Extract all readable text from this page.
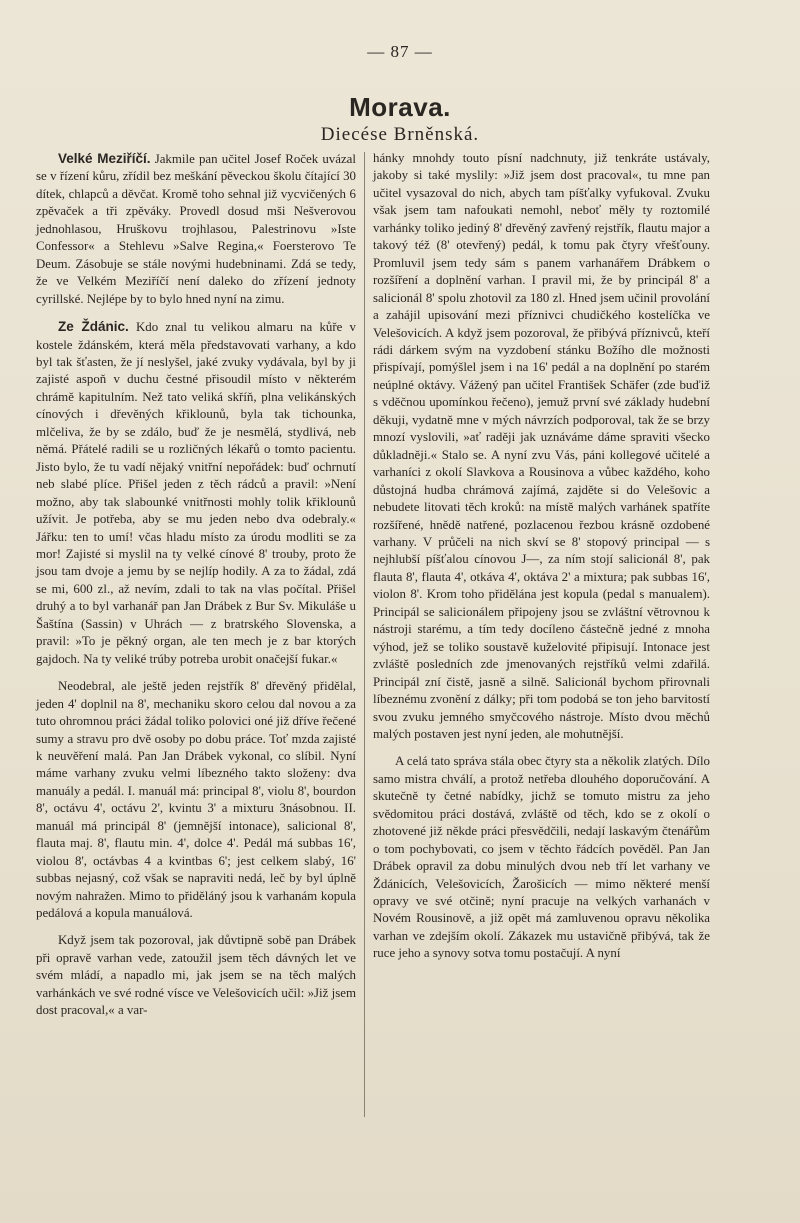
— 87 —
Morava.
Diecése Brněnská.

Velké Meziříčí. Jakmile pan učitel Josef Roček uvázal se v řízení kůru, zřídil bez meškání pěveckou školu čítající 30 dítek, chlapců a děvčat. Kromě toho sehnal již vycvičených 6 zpěvaček a tři zpěváky. Provedl dosud mši Nešverovou jednohlasou, Hruškovu trojhlasou, Palestrinovu »Iste Confessor« a Stehlevu »Salve Regina,« Foersterovo Te Deum. Zásobuje se stále novými hudebninami. Zdá se tedy, že ve Velkém Meziříčí není daleko do zřízení jednoty cyrillské. Nejlépe by to bylo hned nyní na zimu.

Ze Ždánic. Kdo znal tu velikou almaru na kůře v kostele ždánském, která měla představovati varhany, a kdo byl tak šťasten, že jí neslyšel, jaké zvuky vydávala, byl by ji zajisté aspoň v duchu čestné přisoudil místo v některém chrámě kapitulním. Než tato veliká skříň, plna velikánských cínových i dřevěných křiklounů, byla tak tichounka, mlčeliva, že by se zdálo, buď že je nesmělá, stydlivá, neb němá. Přátelé radili se u rozličných lékařů o tomto pacientu. Jisto bylo, že tu vadí nějaký vnitřní nepořádek: buď ochrnutí neb slabé plíce. Přišel jeden z těch rádců a pravil: »Není možno, aby tak slabounké vnitřnosti mohly tolik křiklounů užívit. Je potřeba, aby se mu jeden nebo dva odebraly.« Jářku: ten to umí! včas hladu místo za úrodu modliti se za mor! Zajisté si myslil na ty velké cínové 8' trouby, proto že jsou tam dvoje a jemu by se nejlíp hodily. A za to žádal, zdá se mi, 600 zl., až nevím, zdali to tak na vlas počítal. Přišel druhý a to byl varhanář pan Jan Drábek z Bur Sv. Mikuláše u Šaštína (Sassin) v Uhrách — z bratrského Slovenska, a pravil: »To je pěkný organ, ale ten mech je z bar ktorých gajdoch. Na ty veliké trúby potreba urobit onačejší fukar.«

Neodebral, ale ještě jeden rejstřík 8' dřevěný přidělal, jeden 4' doplnil na 8', mechaniku skoro celou dal novou a za tuto ohromnou práci žádal toliko polovici oné již dříve řečené sumy a stravu pro dvě osoby po dobu práce. Toť mzda zajisté k neuvěření malá. Pan Jan Drábek vykonal, co slíbil. Nyní máme varhany zvuku velmi líbezného takto složeny: dva manuály a pedál. I. manuál má: principal 8', violu 8', bourdon 8', octávu 4', octávu 2', kvintu 3' a mixturu 3násobnou. II. manuál má principál 8' (jemnější intonace), salicional 8', flauta maj. 8', flautu min. 4', dolce 4'. Pedál má subbas 16', violou 8', octávbas 4 a kvintbas 6'; jest celkem slabý, 16' subbas nejasný, což však se napraviti nedá, leč by byl úplně novým nahražen. Mimo to přiděláný jsou k varhanám kopula pedálová a kopula manuálová.

Když jsem tak pozoroval, jak důvtipně sobě pan Drábek při opravě varhan vede, zatoužil jsem těch dávných let ve svém mládí, a napadlo mi, jak jsem se na těch malých varhánkách ve své rodné víscе ve Velešovicích učil: »Již jsem dost pracoval,« a var-

hánky mnohdy touto písní nadchnuty, již tenkráte ustávaly, jakoby si také myslily: »Již jsem dost pracoval«, tu mne pan učitel vysazoval do nich, abych tam píšťalky vyfukoval. Zvuku však jsem tam nafoukati nemohl, neboť měly ty roztomilé varhánky toliko jediný 8' dřevěný zavřený rejstřík, flautu major a takový též (8' otevřený) pedál, k tomu pak čtyry vřešťouny. Promluvil jsem tedy sám s panem varhanářem Drábkem o rozšíření a doplnění varhan. I pravil mi, že by principál 8' a salicionál 8' spolu zhotovil za 180 zl. Hned jsem učinil provolání a zahájil upisování mezi příznivci chudičkého kostelíčka ve Velešovicích. A když jsem pozoroval, že přibývá příznivců, kteří rádi dárkem svým na vyzdobení stánku Božího dle možnosti přispívají, pomýšlel jsem i na 16' pedál a na doplnění po starém neúplné oktávy. Vážený pan učitel František Schäfer (zde buďiž s vděčnou upomínkou řečeno), jemuž první své základy hudební děkuji, vydatně mne v mých návrzích podporoval, tak že se brzy mnozí vyslovili, »ať raději jak uznáváme dáme spraviti všecko důkladněji.« Stalo se. A nyní zvu Vás, páni kollegové učitelé a varhaníci z okolí Slavkova a Rousinova a vůbec každého, koho důstojná hudba chrámová zajímá, zajděte si do Velešovic a nebudete litovati těch kroků: na místě malých varhánek spatříte rozšířené, hnědě natřené, pozlacenou řezbou krásně ozdobené varhany. V průčeli na nich skví se 8' stopový principal — s nejhlubší píšťalou cínovou J—, za ním stojí salicionál 8', pak flauta 8', flauta 4', otkáva 4', oktáva 2' a mixtura; pak subbas 16', violon 8'. Krom toho přidělána jest kopula (pedal s manualem). Principál se salicionálem připojeny jsou se zvláštní větrovnou k nástroji starému, a tím tedy docíleno částečně jedné z mnoha výhod, jež se toliko soustavě kuželovité připisují. Intonace jest zvláště posledních zde jmenovaných rejstříků velmi zdařilá. Principál zní čistě, jasně a silně. Salicionál bychom přirovnali líbeznému zvonění z dálky; při tom podobá se ton jeho barvitostí svou zvuku jemného smyčcového nástroje. Místo dvou měchů malých postaven jest nyní jeden, ale mohutnější.

A celá tato správa stála obec čtyry sta a několik zlatých. Dílo samo mistra chválí, a protož netřeba dlouhého doporučování. A skutečně ty četné nabídky, jichž se tomuto mistru za jeho svědomitou práci dostává, zvláště od těch, kdo se z okolí o zhotovené již někde práci přesvědčili, nedají laskavým čtenářům o tom pochybovati, co jsem v těchto řádcích pověděl. Pan Jan Drábek opravil za dobu minulých dvou neb tří let varhany ve Ždánicích, Velešovicích, Žarošicích — mimo některé menší opravy ve své otčině; nyní pracuje na velkých varhanách v Novém Rousinově, a již opět má zamluvenou opravu několika varhan ve zdejším okolí. Zákazek mu ustavičně přibývá, tak že ruce jeho a synovy sotva tomu postačují. A nyní
